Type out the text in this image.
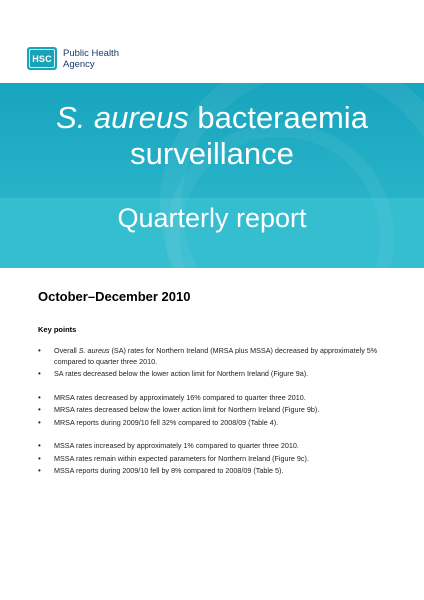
HSC Public Health
Agency
S. aureus bacteraemia
surveillance
Quarterly report
October–December 2010
Key points
•	Overall S. aureus (SA) rates for Northern Ireland (MRSA plus MSSA) decreased by approximately 5% compared to quarter three 2010.
•	SA rates decreased below the lower action limit for Northern Ireland (Figure 9a).
•	MRSA rates decreased by approximately 16% compared to quarter three 2010.
•	MRSA rates decreased below the lower action limit for Northern Ireland (Figure 9b).
•	MRSA reports during 2009/10 fell 32% compared to 2008/09 (Table 4).
•	MSSA rates increased by approximately 1% compared to quarter three 2010.
•	MSSA rates remain within expected parameters for Northern Ireland (Figure 9c).
•	MSSA reports during 2009/10 fell by 8% compared to 2008/09 (Table 5).
